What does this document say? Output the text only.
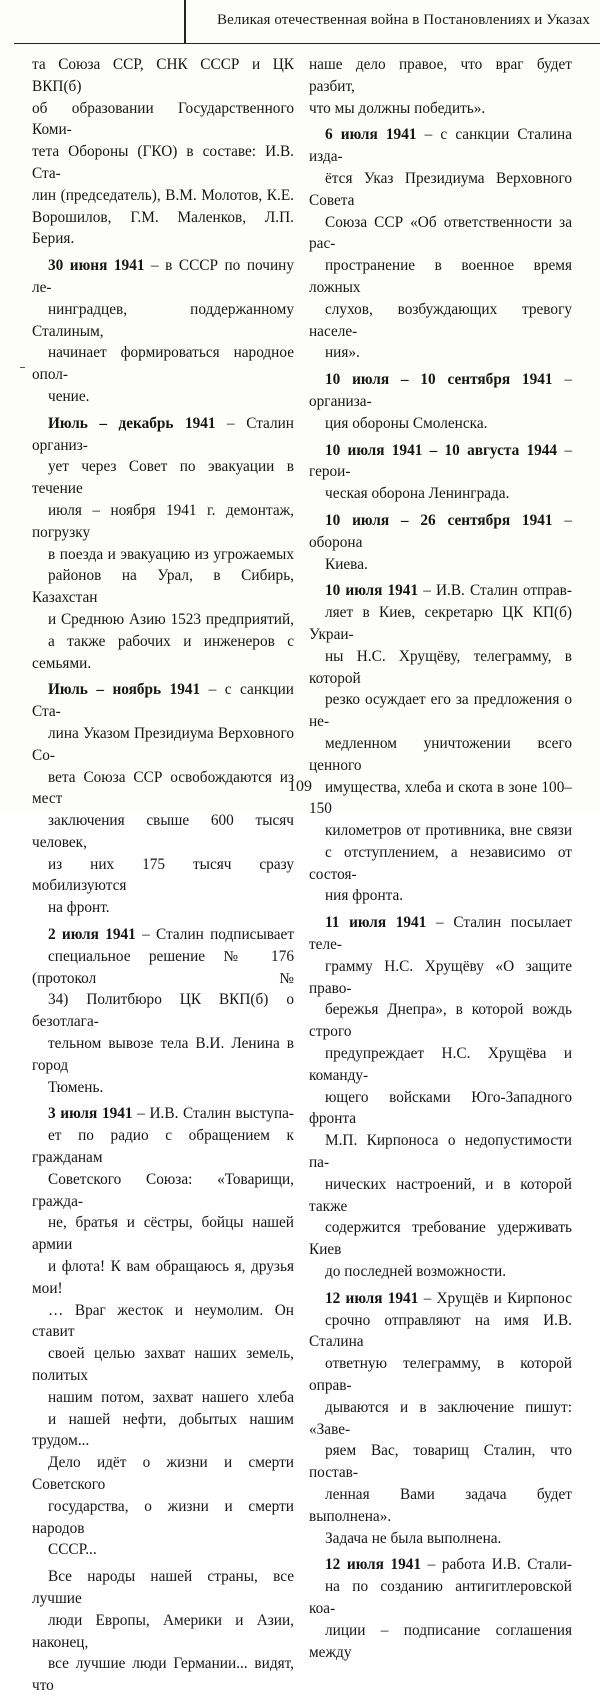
Великая отечественная война в Постановлениях и Указах
та Союза ССР, СНК СССР и ЦК ВКП(б)
об образовании Государственного Коми-
тета Обороны (ГКО) в составе: И.В. Ста-
лин (председатель), В.М. Молотов, К.Е.
Ворошилов, Г.М. Маленков, Л.П. Берия.
30 июня 1941 – в СССР по почину ле-
нинградцев, поддержанному Сталиным,
начинает формироваться народное опол-
чение.
Июль – декабрь 1941 – Сталин организ-
ует через Совет по эвакуации в течение
июля – ноября 1941 г. демонтаж, погрузку
в поезда и эвакуацию из угрожаемых
районов на Урал, в Сибирь, Казахстан
и Среднюю Азию 1523 предприятий,
а также рабочих и инженеров с семьями.
Июль – ноябрь 1941 – с санкции Ста-
лина Указом Президиума Верховного Со-
вета Союза ССР освобождаются из мест
заключения свыше 600 тысяч человек,
из них 175 тысяч сразу мобилизуются
на фронт.
2 июля 1941 – Сталин подписывает
специальное решение № 176 (протокол №
34) Политбюро ЦК ВКП(б) о безотлага-
тельном вывозе тела В.И. Ленина в город
Тюмень.
3 июля 1941 – И.В. Сталин выступа-
ет по радио с обращением к гражданам
Советского Союза: «Товарищи, гражда-
не, братья и сёстры, бойцы нашей армии
и флота! К вам обращаюсь я, друзья мои!
… Враг жесток и неумолим. Он ставит
своей целью захват наших земель, политых
нашим потом, захват нашего хлеба
и нашей нефти, добытых нашим трудом...
Дело идёт о жизни и смерти Советского
государства, о жизни и смерти народов
СССР...
Все народы нашей страны, все лучшие
люди Европы, Америки и Азии, наконец,
все лучшие люди Германии... видят, что
наше дело правое, что враг будет разбит,
что мы должны победить».
6 июля 1941 – с санкции Сталина изда-
ётся Указ Президиума Верховного Совета
Союза ССР «Об ответственности за рас-
пространение в военное время ложных
слухов, возбуждающих тревогу населе-
ния».
10 июля – 10 сентября 1941 – организа-
ция обороны Смоленска.
10 июля 1941 – 10 августа 1944 – герои-
ческая оборона Ленинграда.
10 июля – 26 сентября 1941 – оборона
Киева.
10 июля 1941 – И.В. Сталин отправ-
ляет в Киев, секретарю ЦК КП(б) Украи-
ны Н.С. Хрущёву, телеграмму, в которой
резко осуждает его за предложения о не-
медленном уничтожении всего ценного
имущества, хлеба и скота в зоне 100–150
километров от противника, вне связи
с отступлением, а независимо от состоя-
ния фронта.
11 июля 1941 – Сталин посылает теле-
грамму Н.С. Хрущёву «О защите право-
бережья Днепра», в которой вождь строго
предупреждает Н.С. Хрущёва и команду-
ющего войсками Юго-Западного фронта
М.П. Кирпоноса о недопустимости па-
нических настроений, и в которой также
содержится требование удерживать Киев
до последней возможности.
12 июля 1941 – Хрущёв и Кирпонос
срочно отправляют на имя И.В. Сталина
ответную телеграмму, в которой оправ-
дываются и в заключение пишут: «Заве-
ряем Вас, товарищ Сталин, что постав-
ленная Вами задача будет выполнена».
Задача не была выполнена.
12 июля 1941 – работа И.В. Стали-
на по созданию антигитлеровской коа-
лиции – подписание соглашения между
109
